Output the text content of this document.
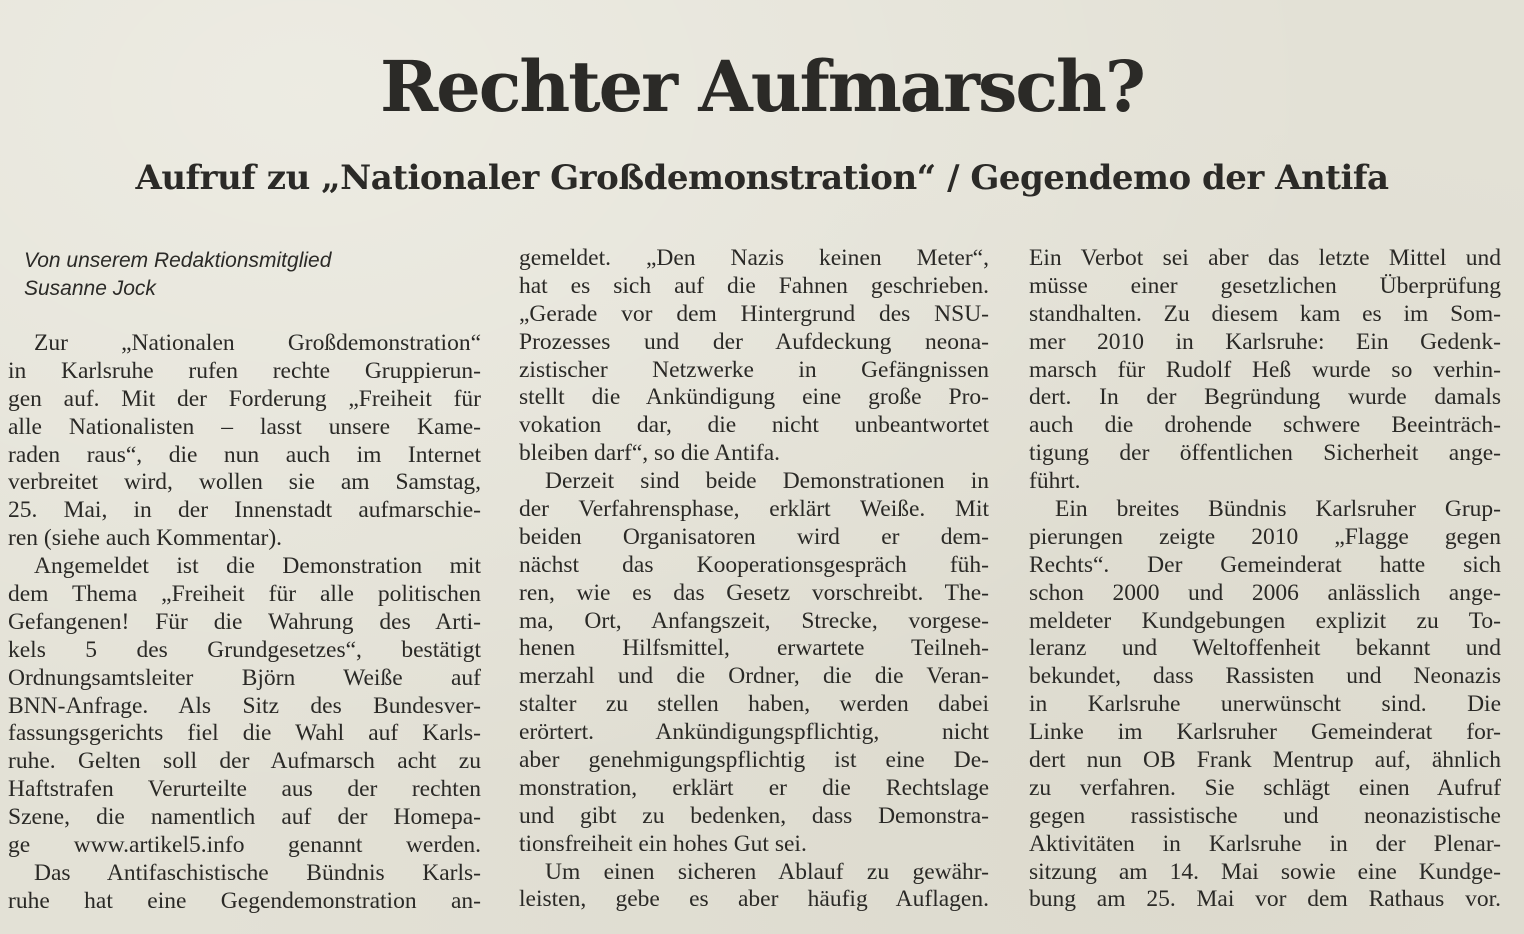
Rechter Aufmarsch?
Aufruf zu „Nationaler Großdemonstration“ / Gegendemo der Antifa
Von unserem Redaktionsmitglied
Susanne Jock
Zur „Nationalen Großdemonstration“
in Karlsruhe rufen rechte Gruppierun-
gen auf. Mit der Forderung „Freiheit für
alle Nationalisten – lasst unsere Kame-
raden raus“, die nun auch im Internet
verbreitet wird, wollen sie am Samstag,
25. Mai, in der Innenstadt aufmarschie-
ren (siehe auch Kommentar).
Angemeldet ist die Demonstration mit
dem Thema „Freiheit für alle politischen
Gefangenen! Für die Wahrung des Arti-
kels 5 des Grundgesetzes“, bestätigt
Ordnungsamtsleiter Björn Weiße auf
BNN-Anfrage. Als Sitz des Bundesver-
fassungsgerichts fiel die Wahl auf Karls-
ruhe. Gelten soll der Aufmarsch acht zu
Haftstrafen Verurteilte aus der rechten
Szene, die namentlich auf der Homepa-
ge www.artikel5.info genannt werden.
Das Antifaschistische Bündnis Karls-
ruhe hat eine Gegendemonstration an-
gemeldet. „Den Nazis keinen Meter“,
hat es sich auf die Fahnen geschrieben.
„Gerade vor dem Hintergrund des NSU-
Prozesses und der Aufdeckung neona-
zistischer Netzwerke in Gefängnissen
stellt die Ankündigung eine große Pro-
vokation dar, die nicht unbeantwortet
bleiben darf“, so die Antifa.
Derzeit sind beide Demonstrationen in
der Verfahrensphase, erklärt Weiße. Mit
beiden Organisatoren wird er dem-
nächst das Kooperationsgespräch füh-
ren, wie es das Gesetz vorschreibt. The-
ma, Ort, Anfangszeit, Strecke, vorgese-
henen Hilfsmittel, erwartete Teilneh-
merzahl und die Ordner, die die Veran-
stalter zu stellen haben, werden dabei
erörtert. Ankündigungspflichtig, nicht
aber genehmigungspflichtig ist eine De-
monstration, erklärt er die Rechtslage
und gibt zu bedenken, dass Demonstra-
tionsfreiheit ein hohes Gut sei.
Um einen sicheren Ablauf zu gewähr-
leisten, gebe es aber häufig Auflagen.
Ein Verbot sei aber das letzte Mittel und
müsse einer gesetzlichen Überprüfung
standhalten. Zu diesem kam es im Som-
mer 2010 in Karlsruhe: Ein Gedenk-
marsch für Rudolf Heß wurde so verhin-
dert. In der Begründung wurde damals
auch die drohende schwere Beeinträch-
tigung der öffentlichen Sicherheit ange-
führt.
Ein breites Bündnis Karlsruher Grup-
pierungen zeigte 2010 „Flagge gegen
Rechts“. Der Gemeinderat hatte sich
schon 2000 und 2006 anlässlich ange-
meldeter Kundgebungen explizit zu To-
leranz und Weltoffenheit bekannt und
bekundet, dass Rassisten und Neonazis
in Karlsruhe unerwünscht sind. Die
Linke im Karlsruher Gemeinderat for-
dert nun OB Frank Mentrup auf, ähnlich
zu verfahren. Sie schlägt einen Aufruf
gegen rassistische und neonazistische
Aktivitäten in Karlsruhe in der Plenar-
sitzung am 14. Mai sowie eine Kundge-
bung am 25. Mai vor dem Rathaus vor.
